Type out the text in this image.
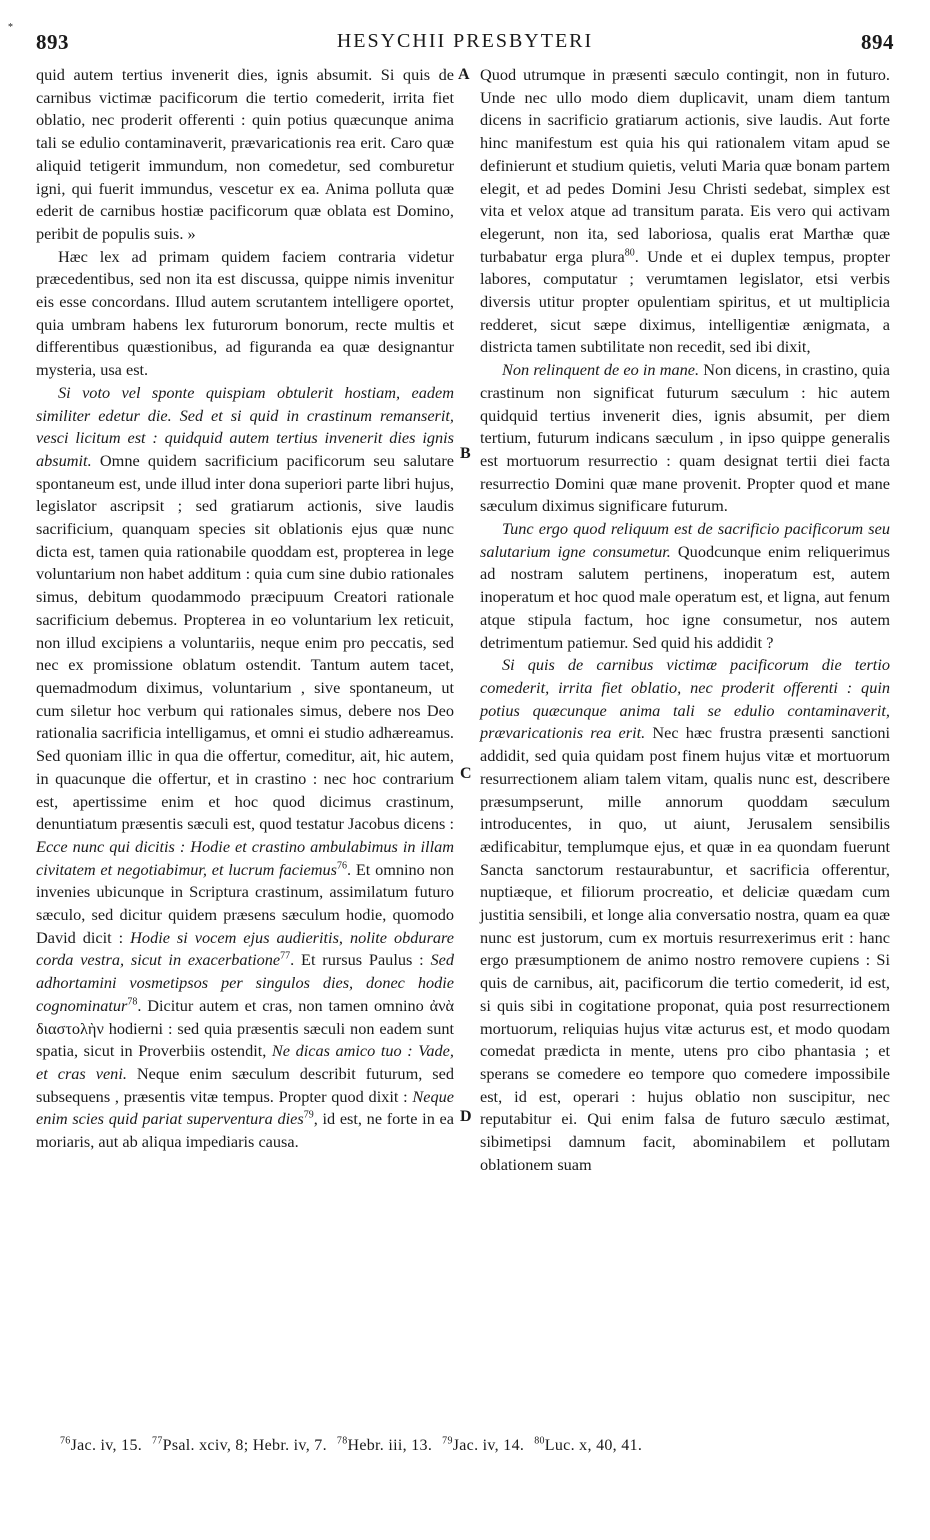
893	HESYCHII PRESBYTERI	894
*

quid autem tertius invenerit dies, ignis absumit. Si quis de carnibus victimæ pacificorum die tertio comederit, irrita fiet oblatio, nec proderit offerenti : quin potius quæcunque anima tali se edulio contaminaverit, prævaricationis rea erit. Caro quæ aliquid tetigerit immundum, non comedetur, sed comburetur igni, qui fuerit immundus, vescetur ex ea. Anima polluta quæ ederit de carnibus hostiæ pacificorum quæ oblata est Domino, peribit de populis suis. »

Hæc lex ad primam quidem faciem contraria videtur præcedentibus, sed non ita est discussa, quippe nimis invenitur eis esse concordans. Illud autem scrutantem intelligere oportet, quia umbram habens lex futurorum bonorum, recte multis et differentibus quæstionibus, ad figuranda ea quæ designantur mysteria, usa est.

Si voto vel sponte quispiam obtulerit hostiam, eadem similiter edetur die. Sed et si quid in crastinum remanserit, vesci licitum est : quidquid autem tertius invenerit dies ignis absumit. Omne quidem sacrificium pacificorum seu salutare spontaneum est, unde illud inter dona superiori parte libri hujus, legislator ascripsit ; sed gratiarum actionis, sive laudis sacrificium, quanquam species sit oblationis ejus quæ nunc dicta est, tamen quia rationabile quoddam est, propterea in lege voluntarium non habet additum : quia cum sine dubio rationales simus, debitum quodammodo præcipuum Creatori rationale sacrificium debemus. Propterea in eo voluntarium lex reticuit, non illud excipiens a voluntariis, neque enim pro peccatis, sed nec ex promissione oblatum ostendit. Tantum autem tacet, quemadmodum diximus, voluntarium , sive spontaneum, ut cum siletur hoc verbum qui rationales simus, debere nos Deo rationalia sacrificia intelligamus, et omni ei studio adhæreamus. Sed quoniam illic in qua die offertur, comeditur, ait, hic autem, in quacunque die offertur, et in crastino : nec hoc contrarium est, apertissime enim et hoc quod dicimus crastinum, denuntiatum præsentis sæculi est, quod testatur Jacobus dicens : Ecce nunc qui dicitis : Hodie et crastino ambulabimus in illam civitatem et negotiabimur, et lucrum faciemus$^{76}$. Et omnino non invenies ubicunque in Scriptura crastinum, assimilatum futuro sæculo, sed dicitur quidem præsens sæculum hodie, quomodo David dicit : Hodie si vocem ejus audieritis, nolite obdurare corda vestra, sicut in exacerbatione$^{77}$. Et rursus Paulus : Sed adhortamini vosmetipsos per singulos dies, donec hodie cognominatur$^{78}$. Dicitur autem et cras, non tamen omnino ἀνὰ διαστολὴν hodierni : sed quia præsentis sæculi non eadem sunt spatia, sicut in Proverbiis ostendit, Ne dicas amico tuo : Vade, et cras veni. Neque enim sæculum describit futurum, sed subsequens , præsentis vitæ tempus. Propter quod dixit : Neque enim scies quid pariat superventura dies$^{79}$, id est, ne forte in ea moriaris, aut ab aliqua impediaris causa.

Quod utrumque in præsenti sæculo contingit, non in futuro. Unde nec ullo modo diem duplicavit, unam diem tantum dicens in sacrificio gratiarum actionis, sive laudis. Aut forte hinc manifestum est quia his qui rationalem vitam apud se definierunt et studium quietis, veluti Maria quæ bonam partem elegit, et ad pedes Domini Jesu Christi sedebat, simplex est vita et velox atque ad transitum parata. Eis vero qui activam elegerunt, non ita, sed laboriosa, qualis erat Marthæ quæ turbabatur erga plura$^{80}$. Unde et ei duplex tempus, propter labores, computatur ; verumtamen legislator, etsi verbis diversis utitur propter opulentiam spiritus, et ut multiplicia redderet, sicut sæpe diximus, intelligentiæ ænigmata, a districta tamen subtilitate non recedit, sed ibi dixit,

Non relinquent de eo in mane. Non dicens, in crastino, quia crastinum non significat futurum sæculum : hic autem quidquid tertius invenerit dies, ignis absumit, per diem tertium, futurum indicans sæculum , in ipso quippe generalis est mortuorum resurrectio : quam designat tertii diei facta resurrectio Domini quæ mane provenit. Propter quod et mane sæculum diximus significare futurum.

Tunc ergo quod reliquum est de sacrificio pacificorum seu salutarium igne consumetur. Quodcunque enim reliquerimus ad nostram salutem pertinens, inoperatum est, autem inoperatum et hoc quod male operatum est, et ligna, aut fenum atque stipula factum, hoc igne consumetur, nos autem detrimentum patiemur. Sed quid his addidit ?

Si quis de carnibus victimæ pacificorum die tertio comederit, irrita fiet oblatio, nec proderit offerenti : quin potius quæcunque anima tali se edulio contaminaverit, prævaricationis rea erit. Nec hæc frustra præsenti sanctioni addidit, sed quia quidam post finem hujus vitæ et mortuorum resurrectionem aliam talem vitam, qualis nunc est, describere præsumpserunt, mille annorum quoddam sæculum introducentes, in quo, ut aiunt, Jerusalem sensibilis ædificabitur, templumque ejus, et quæ in ea quondam fuerunt Sancta sanctorum restaurabuntur, et sacrificia offerentur, nuptiæque, et filiorum procreatio, et deliciæ quædam cum justitia sensibili, et longe alia conversatio nostra, quam ea quæ nunc est justorum, cum ex mortuis resurrexerimus erit : hanc ergo præsumptionem de animo nostro removere cupiens : Si quis de carnibus, ait, pacificorum die tertio comederit, id est, si quis sibi in cogitatione proponat, quia post resurrectionem mortuorum, reliquias hujus vitæ acturus est, et modo quodam comedat prædicta in mente, utens pro cibo phantasia ; et sperans se comedere eo tempore quo comedere impossibile est, id est, operari : hujus oblatio non suscipitur, nec reputabitur ei. Qui enim falsa de futuro sæculo æstimat, sibimetipsi damnum facit, abominabilem et pollutam oblationem suam

A
B
C
D
$^{76}$Jac. iv, 15. $^{77}$Psal. xciv, 8; Hebr. iv, 7. $^{78}$Hebr. iii, 13. $^{79}$Jac. iv, 14. $^{80}$Luc. x, 40, 41.
